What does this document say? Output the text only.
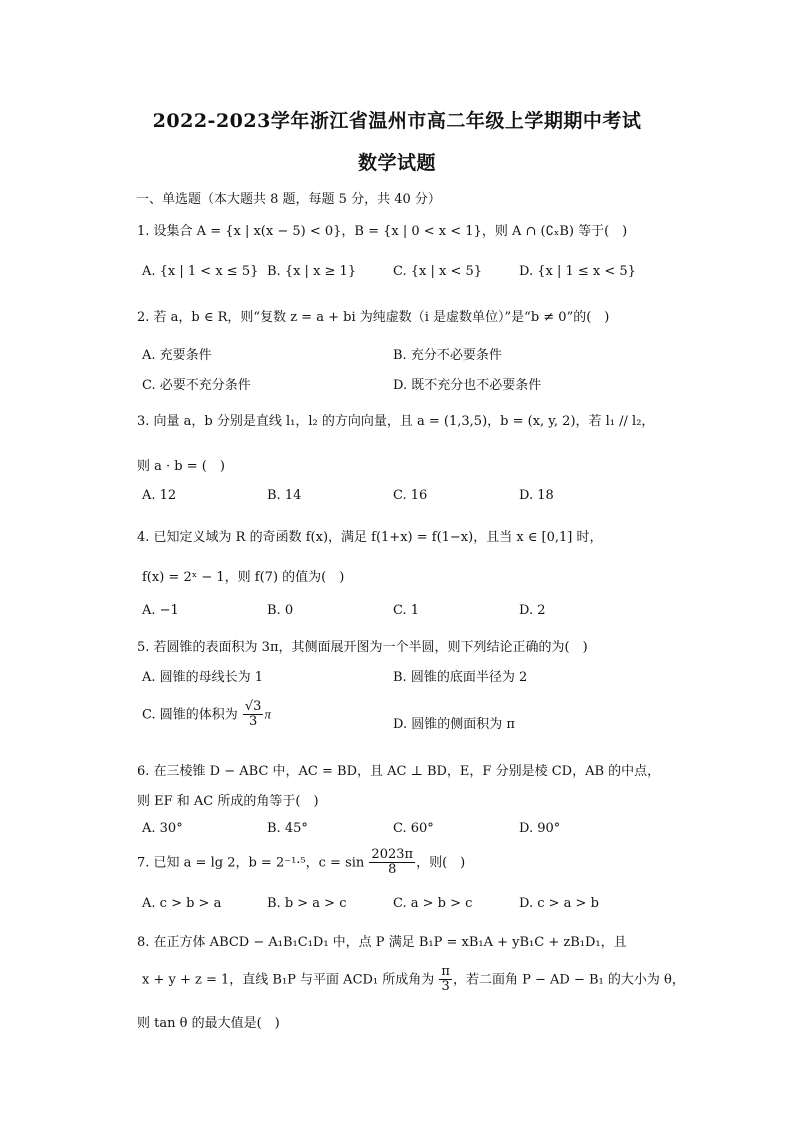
2022-2023学年浙江省温州市高二年级上学期期中考试
数学试题
一、单选题（本大题共 8 题，每题 5 分，共 40 分）
1. 设集合 A = {x | x(x − 5) < 0}，B = {x | 0 < x < 1}，则 A ∩ (∁ₓB) 等于(　)
A. {x | 1 < x ≤ 5} B. {x | x ≥ 1}	C. {x | x < 5}	D. {x | 1 ≤ x < 5}
2. 若 a，b ∈ R，则“复数 z = a + bi 为纯虚数（i 是虚数单位）”是“b ≠ 0”的(　)
A. 充要条件	B. 充分不必要条件
C. 必要不充分条件	D. 既不充分也不必要条件
3. 向量 a，b 分别是直线 l₁，l₂ 的方向向量，且 a = (1,3,5)，b = (x, y, 2)，若 l₁ // l₂，
则 a · b = (　)
A. 12	B. 14	C. 16	D. 18
4. 已知定义域为 R 的奇函数 f(x)，满足 f(1+x) = f(1−x)，且当 x ∈ [0,1] 时，
f(x) = 2ˣ − 1，则 f(7) 的值为(　)
A. −1	B. 0	C. 1	D. 2
5. 若圆锥的表面积为 3π，其侧面展开图为一个半圆，则下列结论正确的为(　)
A. 圆锥的母线长为 1	B. 圆锥的底面半径为 2
C. 圆锥的体积为 $\frac{√3}{3}$ π
D. 圆锥的侧面积为 π
6. 在三棱锥 D − ABC 中，AC = BD，且 AC ⊥ BD，E，F 分别是棱 CD，AB 的中点，
则 EF 和 AC 所成的角等于(　)
A. 30°	B. 45°	C. 60°	D. 90°
7. 已知 a = lg 2，b = 2⁻¹·⁵，$c = \sin \frac{2023\pi}{8}$ ，则(　)
A. c > b > a	B. b > a > c	C. a > b > c	D. c > a > b
8. 在正方体 ABCD − A₁B₁C₁D₁ 中，点 P 满足 B₁P = xB₁A + yB₁C + zB₁D₁，且
x + y + z = 1，直线 B₁P 与平面 ACD₁ 所成角为 $\frac{\pi}{3}$ ，若二面角 P − AD − B₁ 的大小为 θ，
则 tan θ 的最大值是(　)
